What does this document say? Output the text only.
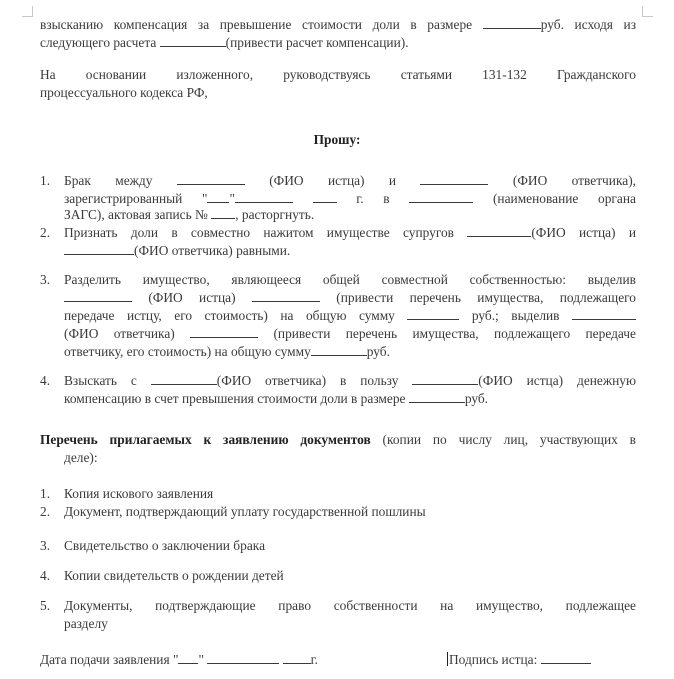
взысканию компенсация за превышение стоимости доли в размере	руб. исходя из
следующего расчета	(привести расчет компенсации).
На основании изложенного, руководствуясь статьями 131-132 Гражданского
процессуального кодекса РФ,
Прошу:
1. Брак между	(ФИО истца) и	(ФИО ответчика),
зарегистрированный " "	г. в	(наименование органа
ЗАГС), актовая запись № , расторгнуть.
2. Признать доли в совместно нажитом имуществе супругов	(ФИО истца) и
(ФИО ответчика) равными.
3. Разделить имущество, являющееся общей совместной собственностью: выделив
(ФИО истца)	(привести перечень имущества, подлежащего
передаче истцу, его стоимость) на общую сумму	руб.; выделив
(ФИО ответчика)	(привести перечень имущества, подлежащего передаче
ответчику, его стоимость) на общую сумму	руб.
4. Взыскать с	(ФИО ответчика) в пользу	(ФИО истца) денежную
компенсацию в счет превышения стоимости доли в размере	руб.
Перечень прилагаемых к заявлению документов (копии по числу лиц, участвующих в
деле):
1. Копия искового заявления
2. Документ, подтверждающий уплату государственной пошлины
3. Свидетельство о заключении брака
4. Копии свидетельств о рождении детей
5. Документы, подтверждающие право собственности на имущество, подлежащее
разделу
Дата подачи заявления " "	г.	Подпись истца:
